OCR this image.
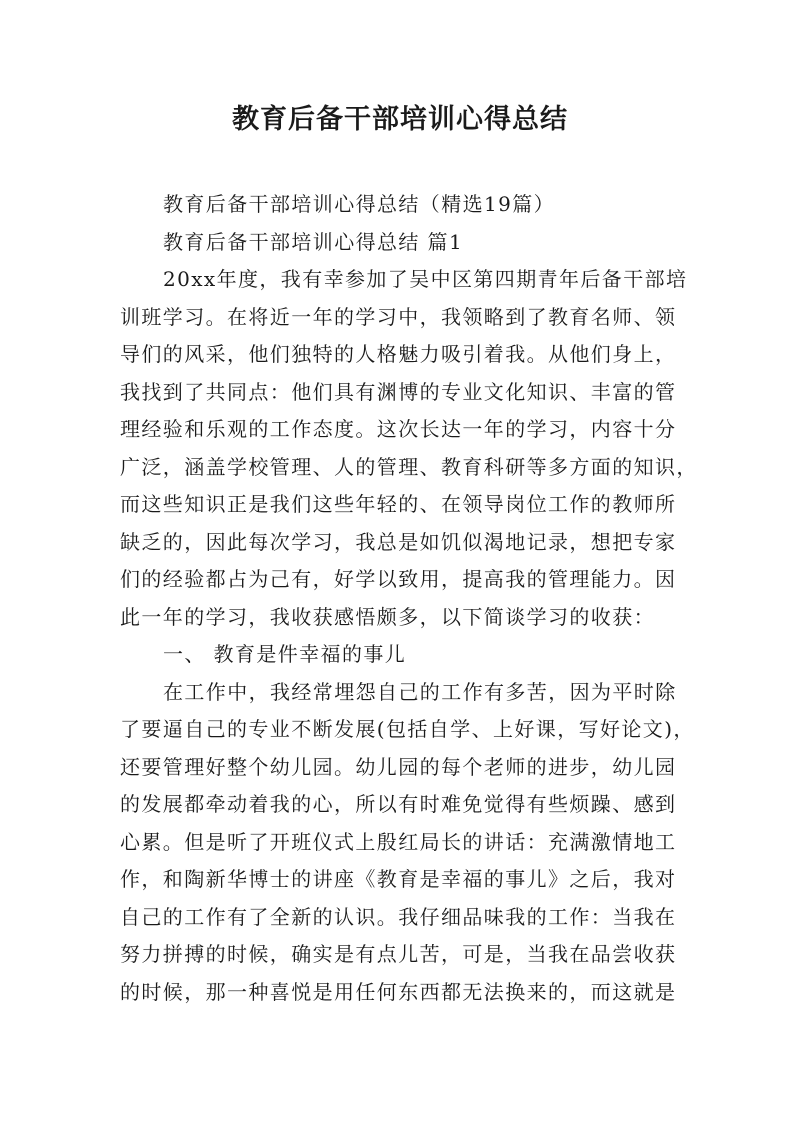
教育后备干部培训心得总结
教育后备干部培训心得总结（精选19篇）
教育后备干部培训心得总结 篇1
20xx年度，我有幸参加了吴中区第四期青年后备干部培
训班学习。在将近一年的学习中，我领略到了教育名师、领
导们的风采，他们独特的人格魅力吸引着我。从他们身上，
我找到了共同点：他们具有渊博的专业文化知识、丰富的管
理经验和乐观的工作态度。这次长达一年的学习，内容十分
广泛，涵盖学校管理、人的管理、教育科研等多方面的知识，
而这些知识正是我们这些年轻的、在领导岗位工作的教师所
缺乏的，因此每次学习，我总是如饥似渴地记录，想把专家
们的经验都占为己有，好学以致用，提高我的管理能力。因
此一年的学习，我收获感悟颇多，以下简谈学习的收获：
一、 教育是件幸福的事儿
在工作中，我经常埋怨自己的工作有多苦，因为平时除
了要逼自己的专业不断发展(包括自学、上好课，写好论文)，
还要管理好整个幼儿园。幼儿园的每个老师的进步，幼儿园
的发展都牵动着我的心，所以有时难免觉得有些烦躁、感到
心累。但是听了开班仪式上殷红局长的讲话：充满激情地工
作，和陶新华博士的讲座《教育是幸福的事儿》之后，我对
自己的工作有了全新的认识。我仔细品味我的工作：当我在
努力拼搏的时候，确实是有点儿苦，可是，当我在品尝收获
的时候，那一种喜悦是用任何东西都无法换来的，而这就是
